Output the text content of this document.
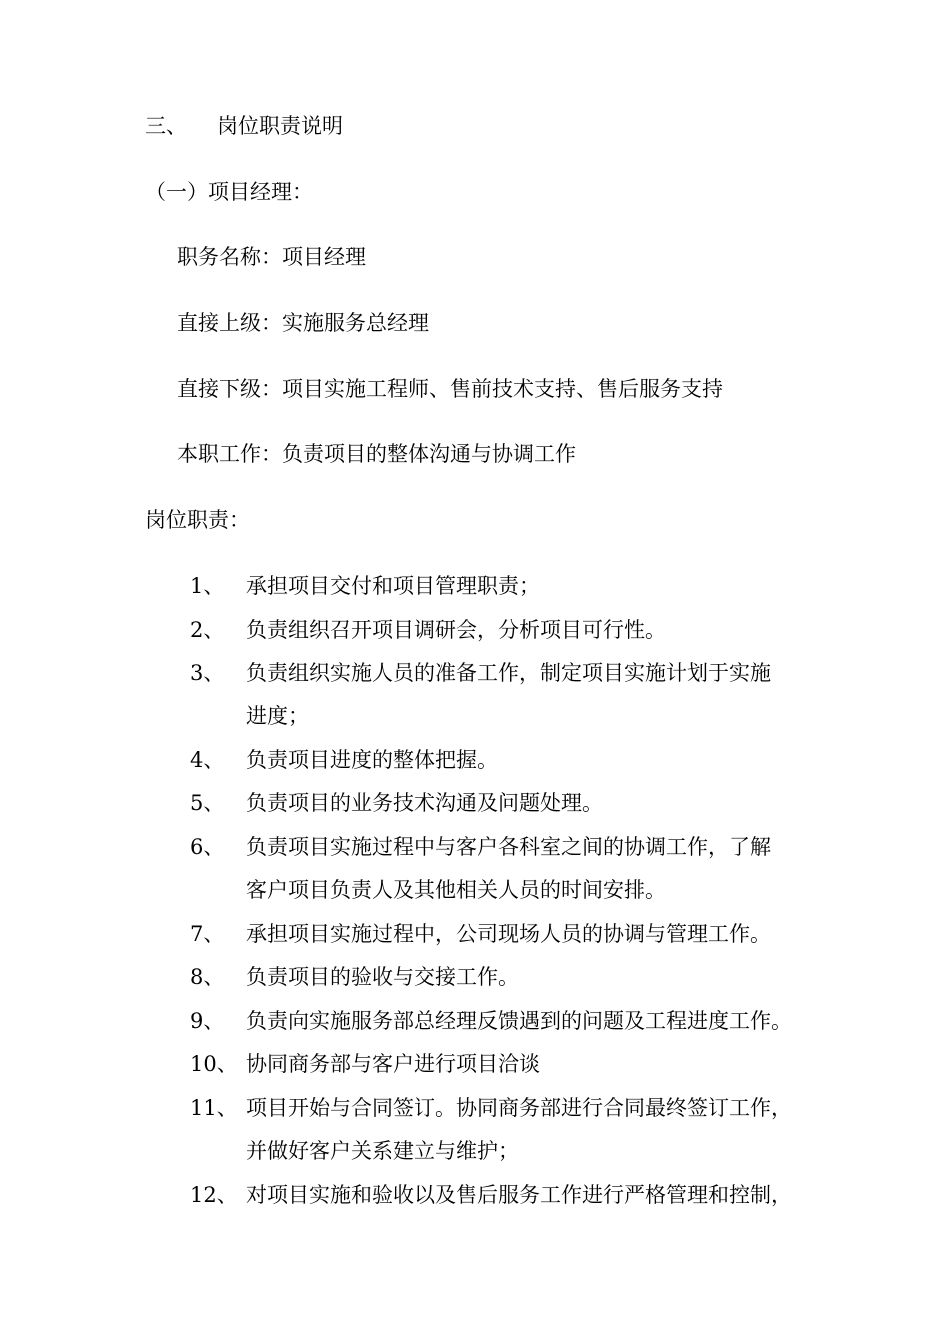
三、 岗位职责说明
（一）项目经理：
职务名称：项目经理
直接上级：实施服务总经理
直接下级：项目实施工程师、售前技术支持、售后服务支持
本职工作：负责项目的整体沟通与协调工作
岗位职责：
1、 承担项目交付和项目管理职责；
2、 负责组织召开项目调研会，分析项目可行性。
3、 负责组织实施人员的准备工作，制定项目实施计划于实施
进度；
4、 负责项目进度的整体把握。
5、 负责项目的业务技术沟通及问题处理。
6、 负责项目实施过程中与客户各科室之间的协调工作，了解
客户项目负责人及其他相关人员的时间安排。
7、 承担项目实施过程中，公司现场人员的协调与管理工作。
8、 负责项目的验收与交接工作。
9、 负责向实施服务部总经理反馈遇到的问题及工程进度工作。
10、 协同商务部与客户进行项目洽谈
11、 项目开始与合同签订。协同商务部进行合同最终签订工作，
并做好客户关系建立与维护；
12、 对项目实施和验收以及售后服务工作进行严格管理和控制，
